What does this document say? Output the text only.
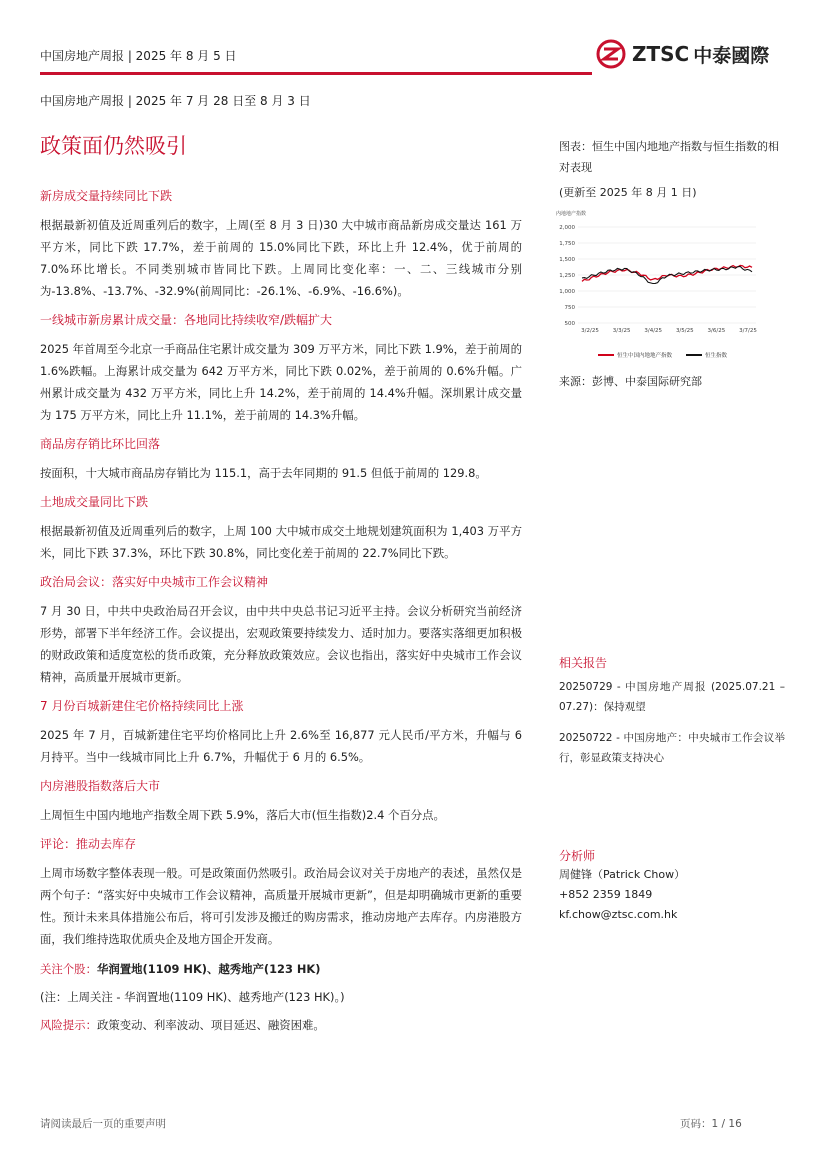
中国房地产周报 | 2025 年 8 月 5 日	ZTSC 中泰國際
中国房地产周报 | 2025 年 7 月 28 日至 8 月 3 日
政策面仍然吸引
新房成交量持续同比下跌
根据最新初值及近周重列后的数字，上周(至 8 月 3 日)30 大中城市商品新房成交量达 161 万平方米，同比下跌 17.7%，差于前周的 15.0%同比下跌，环比上升 12.4%，优于前周的 7.0%环比增长。不同类别城市皆同比下跌。上周同比变化率：一、二、三线城市分别为-13.8%、-13.7%、-32.9%(前周同比：-26.1%、-6.9%、-16.6%)。
一线城市新房累计成交量：各地同比持续收窄/跌幅扩大
2025 年首周至今北京一手商品住宅累计成交量为 309 万平方米，同比下跌 1.9%，差于前周的 1.6%跌幅。上海累计成交量为 642 万平方米，同比下跌 0.02%，差于前周的 0.6%升幅。广州累计成交量为 432 万平方米，同比上升 14.2%，差于前周的 14.4%升幅。深圳累计成交量为 175 万平方米，同比上升 11.1%，差于前周的 14.3%升幅。
商品房存销比环比回落
按面积，十大城市商品房存销比为 115.1，高于去年同期的 91.5 但低于前周的 129.8。
土地成交量同比下跌
根据最新初值及近周重列后的数字，上周 100 大中城市成交土地规划建筑面积为 1,403 万平方米，同比下跌 37.3%，环比下跌 30.8%，同比变化差于前周的 22.7%同比下跌。
政治局会议：落实好中央城市工作会议精神
7 月 30 日，中共中央政治局召开会议，由中共中央总书记习近平主持。会议分析研究当前经济形势，部署下半年经济工作。会议提出，宏观政策要持续发力、适时加力。要落实落细更加积极的财政政策和适度宽松的货币政策，充分释放政策效应。会议也指出，落实好中央城市工作会议精神，高质量开展城市更新。
7 月份百城新建住宅价格持续同比上涨
2025 年 7 月，百城新建住宅平均价格同比上升 2.6%至 16,877 元人民币/平方米，升幅与 6 月持平。当中一线城市同比上升 6.7%，升幅优于 6 月的 6.5%。
内房港股指数落后大市
上周恒生中国内地地产指数全周下跌 5.9%，落后大市(恒生指数)2.4 个百分点。
评论：推动去库存
上周市场数字整体表现一般。可是政策面仍然吸引。政治局会议对关于房地产的表述，虽然仅是两个句子：“落实好中央城市工作会议精神，高质量开展城市更新”，但是却明确城市更新的重要性。预计未来具体措施公布后，将可引发涉及搬迁的购房需求，推动房地产去库存。内房港股方面，我们维持选取优质央企及地方国企开发商。
关注个股：华润置地(1109 HK)、越秀地产(123 HK)
(注：上周关注 - 华润置地(1109 HK)、越秀地产(123 HK)。)
风险提示：政策变动、利率波动、项目延迟、融资困难。
图表：恒生中国内地地产指数与恒生指数的相对表现
(更新至 2025 年 8 月 1 日)
内地地产指数
2,000
1,750
1,500
1,250
1,000
750
500
3/2/25	3/3/25	3/4/25	3/5/25	3/6/25	3/7/25
恒生中国内地地产指数	恒生指数
来源：彭博、中泰国际研究部
相关报告
20250729 - 中国房地产周报 (2025.07.21 – 07.27)：保持观望
20250722 - 中国房地产：中央城市工作会议举行，彰显政策支持决心
分析师
周健锋（Patrick Chow）
+852 2359 1849
kf.chow@ztsc.com.hk
请阅读最后一页的重要声明	页码：1 / 16
